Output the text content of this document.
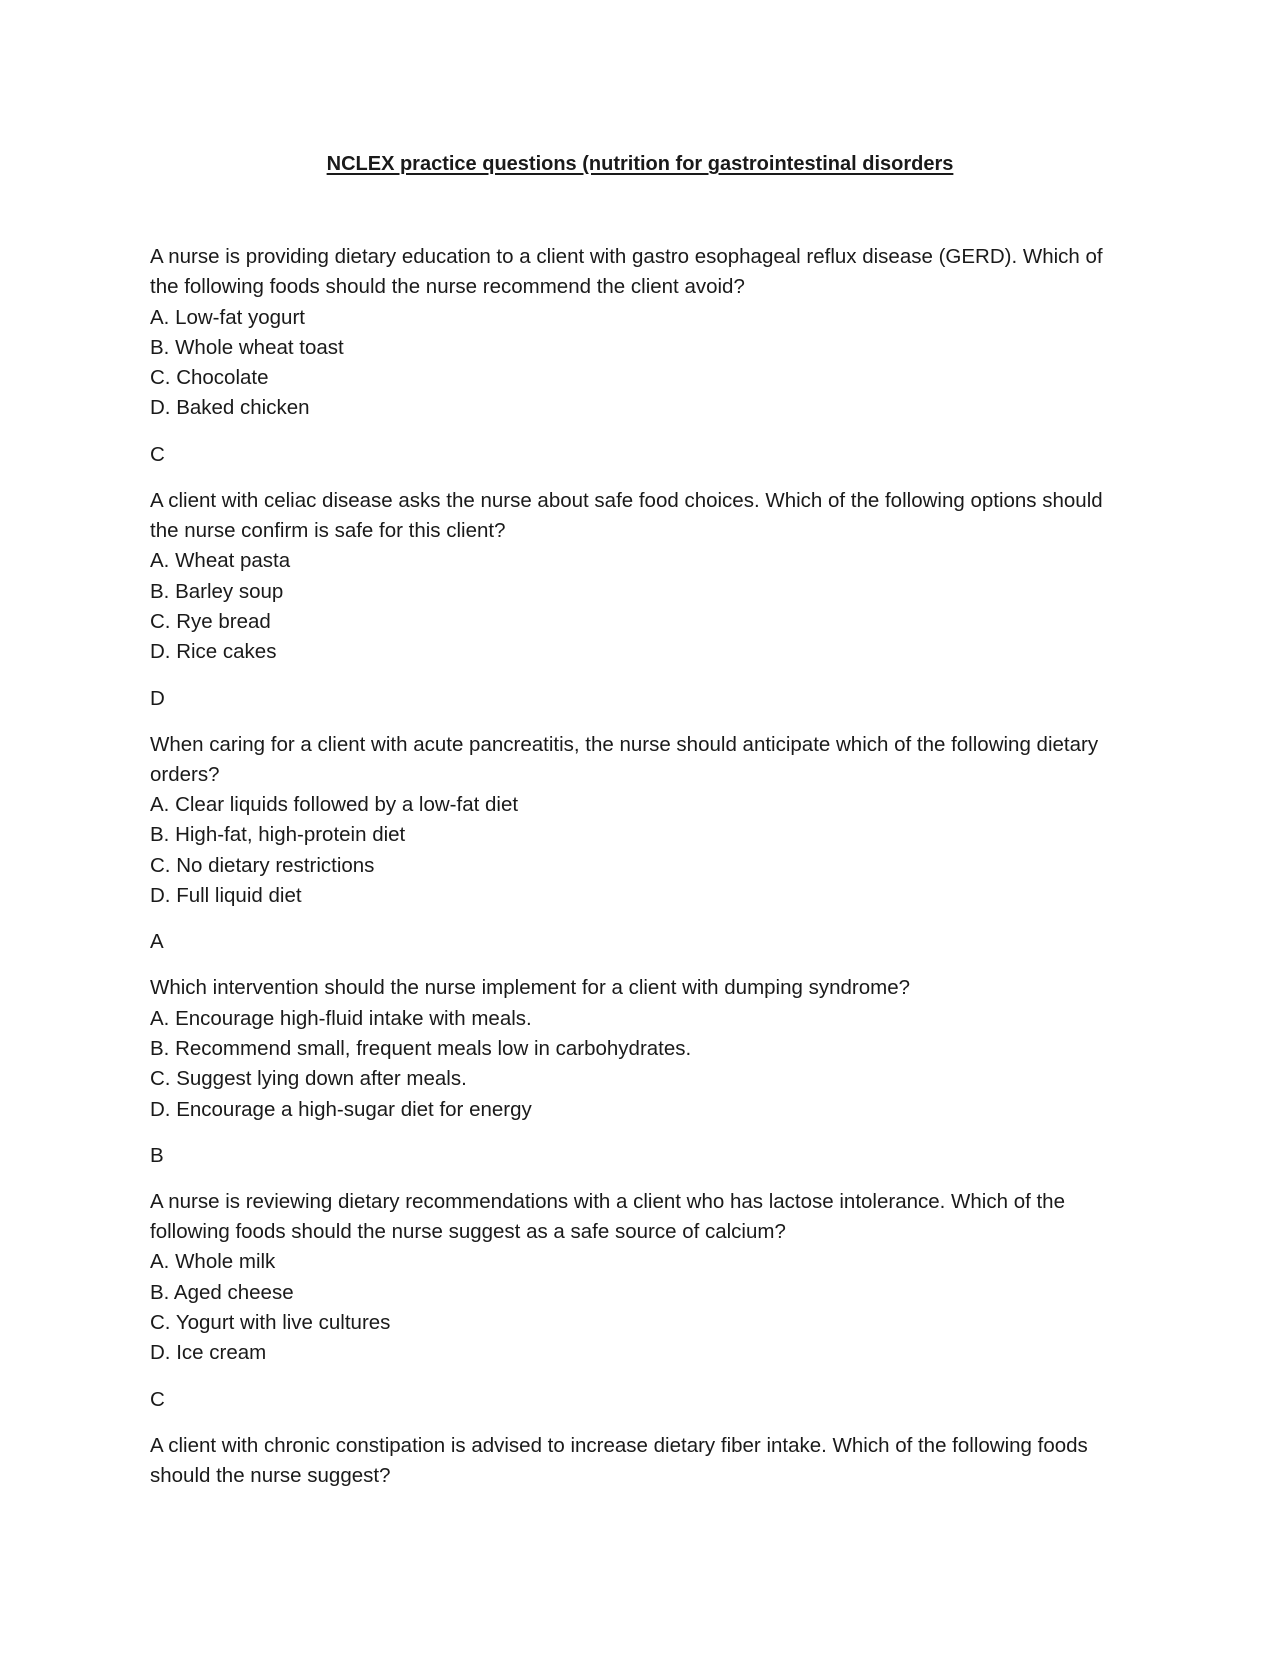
NCLEX practice questions (nutrition for gastrointestinal disorders

A nurse is providing dietary education to a client with gastro esophageal reflux disease (GERD). Which of the following foods should the nurse recommend the client avoid?

A. Low-fat yogurt

B. Whole wheat toast

C. Chocolate

D. Baked chicken

C

A client with celiac disease asks the nurse about safe food choices. Which of the following options should the nurse confirm is safe for this client?

A. Wheat pasta

B. Barley soup

C. Rye bread

D. Rice cakes

D

When caring for a client with acute pancreatitis, the nurse should anticipate which of the following dietary orders?

A. Clear liquids followed by a low-fat diet

B. High-fat, high-protein diet

C. No dietary restrictions

D. Full liquid diet

A

Which intervention should the nurse implement for a client with dumping syndrome?

A. Encourage high-fluid intake with meals.

B. Recommend small, frequent meals low in carbohydrates.

C. Suggest lying down after meals.

D. Encourage a high-sugar diet for energy

B

A nurse is reviewing dietary recommendations with a client who has lactose intolerance. Which of the following foods should the nurse suggest as a safe source of calcium?

A. Whole milk

B. Aged cheese

C. Yogurt with live cultures

D. Ice cream

C

A client with chronic constipation is advised to increase dietary fiber intake. Which of the following foods should the nurse suggest?
